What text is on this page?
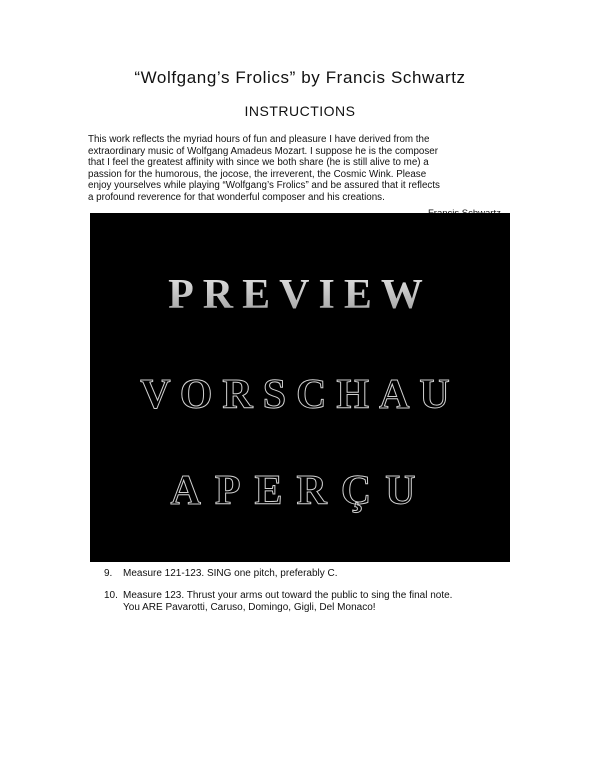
“Wolfgang’s Frolics” by Francis Schwartz
INSTRUCTIONS
This work reflects the myriad hours of fun and pleasure I have derived from the
extraordinary music of Wolfgang Amadeus Mozart. I suppose he is the composer
that I feel the greatest affinity with since we both share (he is still alive to me) a
passion for the humorous, the jocose, the irreverent, the Cosmic Wink. Please
enjoy yourselves while playing “Wolfgang’s Frolics” and be assured that it reflects
a profound reverence for that wonderful composer and his creations.
PREVIEW
VORSCHAU
APERÇU
9. Measure 121-123. SING one pitch, preferably C.
10. Measure 123. Thrust your arms out toward the public to sing the final note.
You ARE Pavarotti, Caruso, Domingo, Gigli, Del Monaco!
